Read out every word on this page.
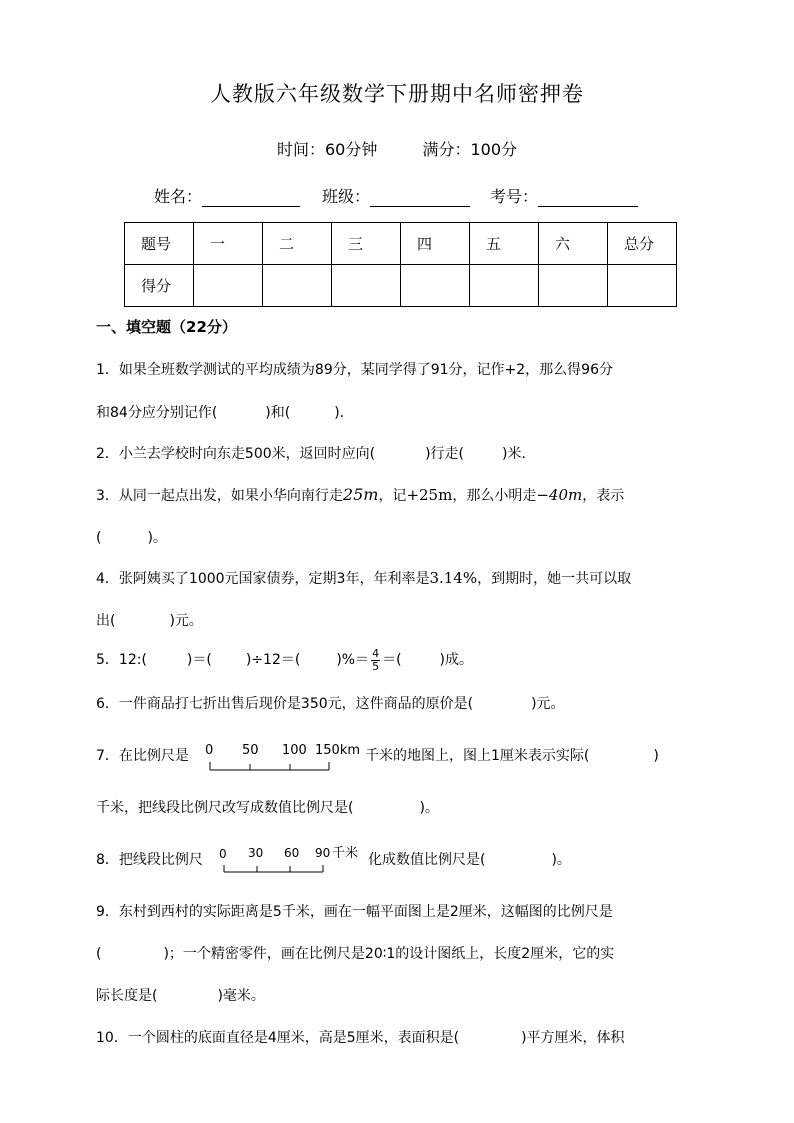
人教版六年级数学下册期中名师密押卷
时间：60分钟	满分：100分
姓名：	班级：	考号：
题号	一	二	三	四	五	六	总分
得分							
一、填空题（22分）
1．如果全班数学测试的平均成绩为89分，某同学得了91分，记作+2，那么得96分
和84分应分别记作(	)和(	)．
2．小兰去学校时向东走500米，返回时应向(	)行走(	)米．
3．从同一起点出发，如果小华向南行走25m，记+25m，那么小明走−40m，表示
(	)。
4．张阿姨买了1000元国家债券，定期3年，年利率是3.14%，到期时，她一共可以取
出(	)元。
5．12:(	)＝( )÷12＝(	)%＝ $\frac{4}{5}$ ＝(	)成。
6．一件商品打七折出售后现价是350元，这件商品的原价是(	)元。
7．在比例尺是 0 50 100 150km 千米的地图上，图上1厘米表示实际(	)
千米，把线段比例尺改写成数值比例尺是(	)。
8．把线段比例尺 0 30 60 90 千米 化成数值比例尺是(	)。
9．东村到西村的实际距离是5千米，画在一幅平面图上是2厘米，这幅图的比例尺是
(	)；一个精密零件，画在比例尺是20∶1的设计图纸上，长度2厘米，它的实
际长度是(	)毫米。
10．一个圆柱的底面直径是4厘米，高是5厘米，表面积是(	)平方厘米，体积
